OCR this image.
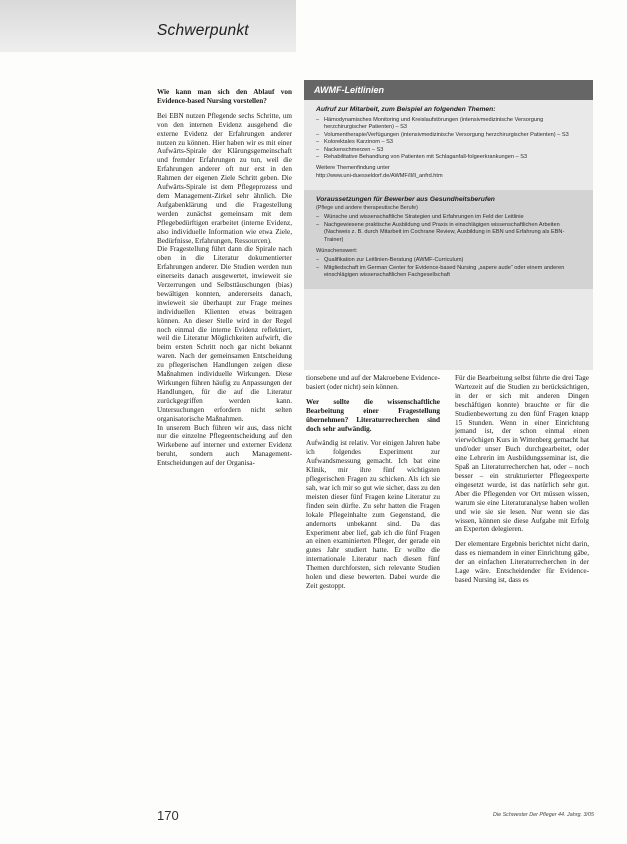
Schwerpunkt

Wie kann man sich den Ablauf von Evidence-based Nursing vorstellen?

Bei EBN nutzen Pflegende sechs Schritte, um von den internen Evidenz ausgehend die externe Evidenz der Erfahrungen anderer nutzen zu können. Hier haben wir es mit einer Aufwärts-Spirale der Klärungsgemeinschaft und fremder Erfahrungen zu tun, weil die Erfahrungen anderer oft nur erst in den Rahmen der eigenen Ziele Schritt geben. Die Aufwärts-Spirale ist dem Pflegeprozess und dem Management-Zirkel sehr ähnlich. Die Aufgabenklärung und die Fragestellung werden zunächst gemeinsam mit dem Pflegebedürftigen erarbeitet (interne Evidenz, also individuelle Information wie etwa Ziele, Bedürfnisse, Erfahrungen, Ressourcen).

Die Fragestellung führt dann die Spirale nach oben in die Literatur dokumentierter Erfahrungen anderer. Die Studien werden nun einerseits danach ausgewertet, inwieweit sie Verzerrungen und Selbsttäuschungen (bias) bewältigen konnten, andererseits danach, inwieweit sie überhaupt zur Frage meines individuellen Klienten etwas beitragen können. An dieser Stelle wird in der Regel noch einmal die interne Evidenz reflektiert, weil die Literatur Möglichkeiten aufwirft, die beim ersten Schritt noch gar nicht bekannt waren. Nach der gemeinsamen Entscheidung zu pflegerischen Handlungen zeigen diese Maßnahmen individuelle Wirkungen. Diese Wirkungen führen häufig zu Anpassungen der Handlungen, für die auf die Literatur zurückgegriffen werden kann. Untersuchungen erfordern nicht selten organisatorische Maßnahmen.

In unserem Buch führen wir aus, dass nicht nur die einzelne Pflegeentscheidung auf den Wirkebene auf interner und externer Evidenz beruht, sondern auch Management-Entscheidungen auf der Organisa-

AWMF-Leitlinien
Aufruf zur Mitarbeit, zum Beispiel an folgenden Themen:
– Hämodynamisches Monitoring und Kreislaufstörungen (intensivmedizinische Versorgung herzchirurgischer Patienten) – S3
– Volumentherapie/Verfügungen (intensivmedizinische Versorgung herzchirurgischer Patienten) – S3
– Kolorektales Karzinom – S3
– Nackenschmerzen – S3
– Rehabilitative Behandlung von Patienten mit Schlaganfall-folgeerkrankungen – S3
Weitere Themenfindung unter
http://www.uni-duesseldorf.de/AWMF/ll/ll_anfrd.htm
Voraussetzungen für Bewerber aus Gesundheitsberufen
(Pflege und andere therapeutische Berufe)
– Wünsche und wissenschaftliche Strategien und Erfahrungen im Feld der Leitlinie
– Nachgewiesene praktische Ausbildung und Praxis in einschlägigen wissenschaftlichen Arbeiten (Nachweis z. B. durch Mitarbeit im Cochrane Review, Ausbildung in EBN und Erfahrung als EBN-Trainer)
Wünschenswert:
– Qualifikation zur Leitlinien-Beratung (AWMF-Curriculum)
– Mitgliedschaft im German Center for Evidence-based Nursing „sapere aude“ oder einem anderen einschlägigen wissenschaftlichen Fachgesellschaft

tionsebene und auf der Makroebene Evidence-basiert (oder nicht) sein können.

Wer sollte die wissenschaftliche Bearbeitung einer Fragestellung übernehmen? Literaturrecherchen sind doch sehr aufwändig.

Aufwändig ist relativ. Vor einigen Jahren habe ich folgendes Experiment zur Aufwandsmessung gemacht. Ich bat eine Klinik, mir ihre fünf wichtigsten pflegerischen Fragen zu schicken. Als ich sie sah, war ich mir so gut wie sicher, dass zu den meisten dieser fünf Fragen keine Literatur zu finden sein dürfte. Zu sehr hatten die Fragen lokale Pflegeinhalte zum Gegenstand, die andernorts unbekannt sind. Da das Experiment aber lief, gab ich die fünf Fragen an einen examinierten Pfleger, der gerade ein gutes Jahr studiert hatte. Er wollte die internationale Literatur nach diesen fünf Themen durchforsten, sich relevante Studien holen und diese bewerten. Dabei wurde die Zeit gestoppt.

Für die Bearbeitung selbst führte die drei Tage Wartezeit auf die Studien zu berücksichtigen, in der er sich mit anderen Dingen beschäftigen konnte) brauchte er für die Studienbewertung zu den fünf Fragen knapp 15 Stunden. Wenn in einer Einrichtung jemand ist, der schon einmal einen vierwöchigen Kurs in Wittenberg gemacht hat und/oder unser Buch durchgearbeitet, oder eine Lehrerin im Ausbildungsseminar ist, die Spaß an Literaturrecherchen hat, oder – noch besser – ein strukturierter Pflegeexperte eingesetzt wurde, ist das natürlich sehr gut. Aber die Pflegenden vor Ort müssen wissen, warum sie eine Literaturanalyse haben wollen und wie sie sie lesen. Nur wenn sie das wissen, können sie diese Aufgabe mit Erfolg an Experten delegieren.

Der elementare Ergebnis berichtet nicht darin, dass es niemandem in einer Einrichtung gäbe, der an einfachen Literaturrecherchen in der Lage wäre. Entscheidender für Evidence-based Nursing ist, dass es

170	Die Schwester Der Pfleger 44. Jahrg. 3/05
